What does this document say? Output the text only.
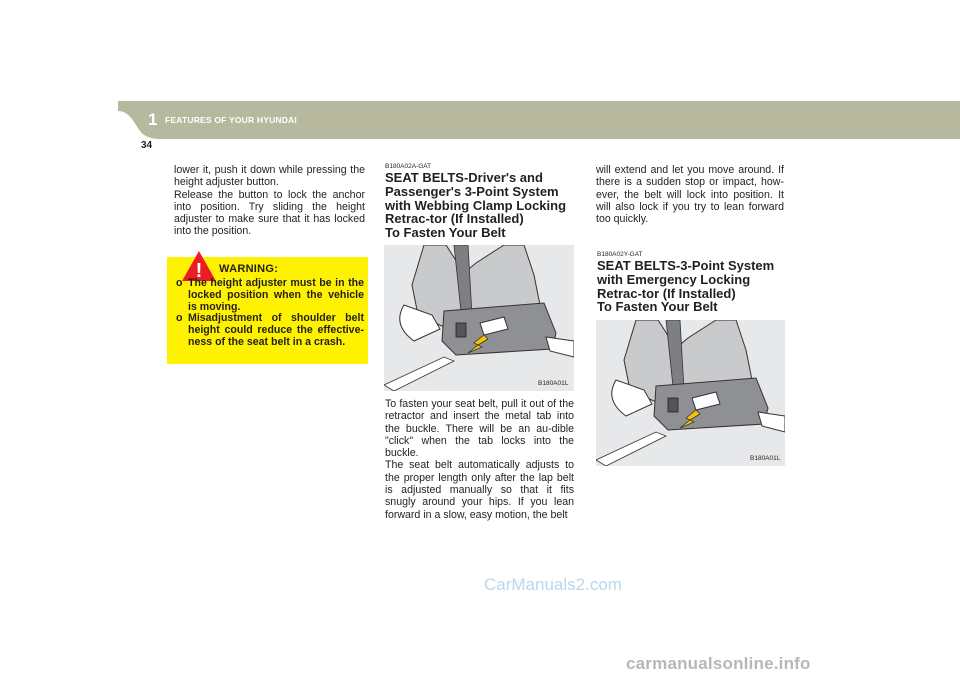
1 FEATURES OF YOUR HYUNDAI
34
lower it, push it down while pressing the height adjuster button.
Release the button to lock the anchor into position. Try sliding the height adjuster to make sure that it has locked into the position.
! WARNING:
o The height adjuster must be in the locked position when the vehicle is moving.
o Misadjustment of shoulder belt height could reduce the effective-ness of the seat belt in a crash.
B180A02A-GAT
SEAT BELTS-Driver's and Passenger's 3-Point System with Webbing Clamp Locking Retrac-tor (If Installed)
To Fasten Your Belt
B180A01L
To fasten your seat belt, pull it out of the retractor and insert the metal tab into the buckle. There will be an au-dible "click" when the tab locks into the buckle.
The seat belt automatically adjusts to the proper length only after the lap belt is adjusted manually so that it fits snugly around your hips. If you lean forward in a slow, easy motion, the belt
will extend and let you move around. If there is a sudden stop or impact, how-ever, the belt will lock into position. It will also lock if you try to lean forward too quickly.
B180A02Y-GAT
SEAT BELTS-3-Point System with Emergency Locking Retrac-tor (If Installed)
To Fasten Your Belt
B180A01L
CarManuals2.com
carmanualsonline.info
